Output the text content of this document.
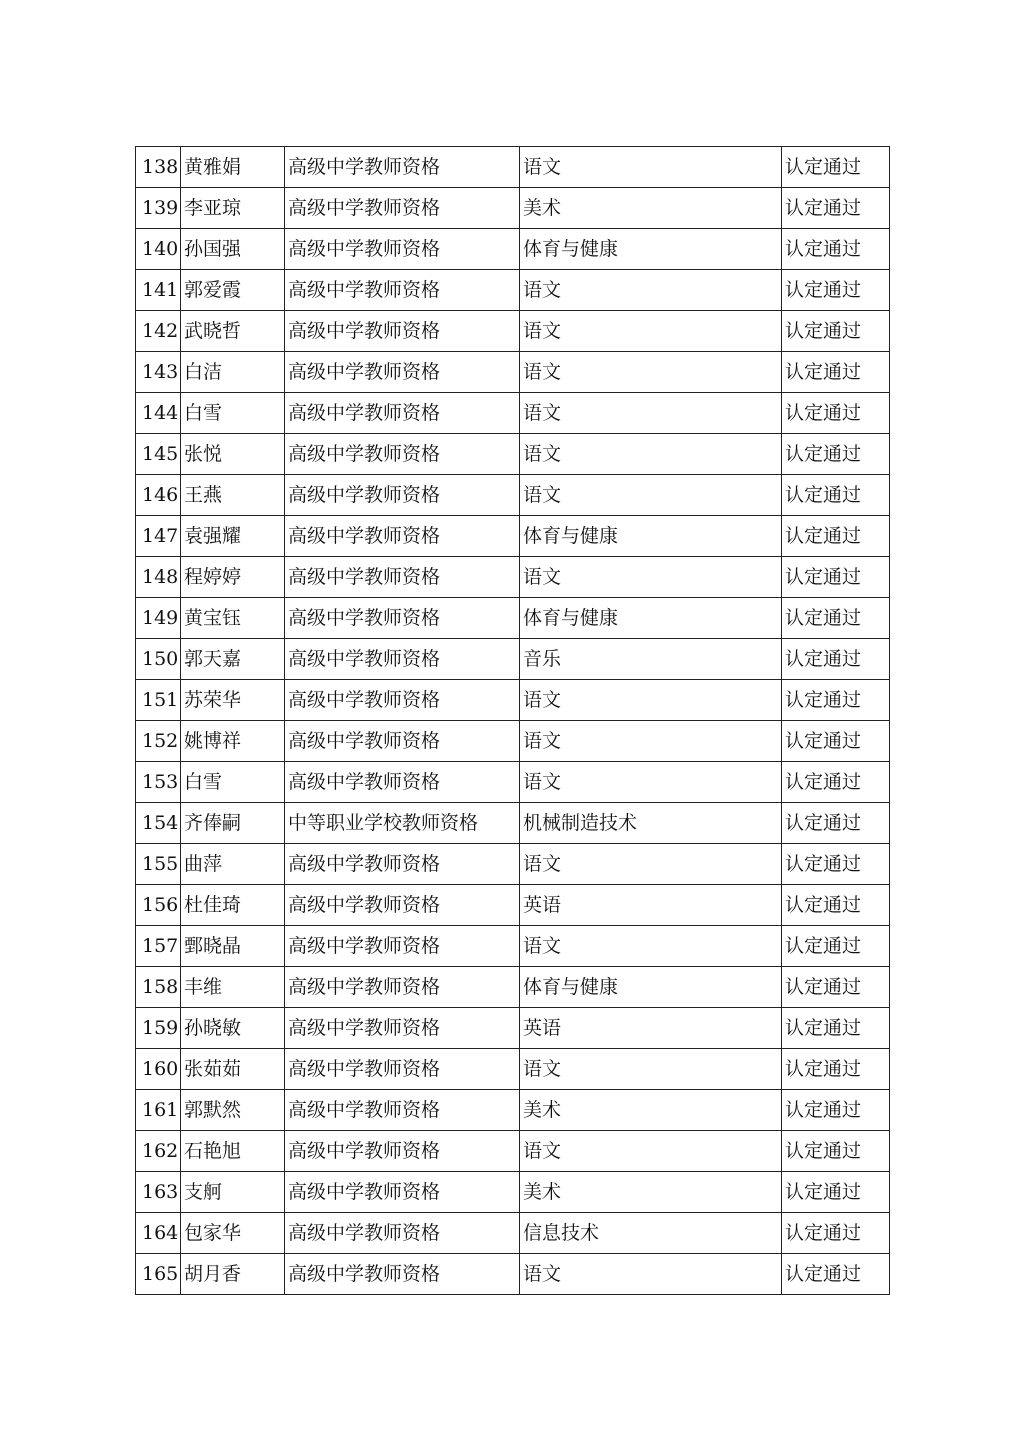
138	黄雅娟	高级中学教师资格	语文	认定通过
139	李亚琼	高级中学教师资格	美术	认定通过
140	孙国强	高级中学教师资格	体育与健康	认定通过
141	郭爱霞	高级中学教师资格	语文	认定通过
142	武晓哲	高级中学教师资格	语文	认定通过
143	白洁	高级中学教师资格	语文	认定通过
144	白雪	高级中学教师资格	语文	认定通过
145	张悦	高级中学教师资格	语文	认定通过
146	王燕	高级中学教师资格	语文	认定通过
147	袁强耀	高级中学教师资格	体育与健康	认定通过
148	程婷婷	高级中学教师资格	语文	认定通过
149	黄宝钰	高级中学教师资格	体育与健康	认定通过
150	郭天嘉	高级中学教师资格	音乐	认定通过
151	苏荣华	高级中学教师资格	语文	认定通过
152	姚博祥	高级中学教师资格	语文	认定通过
153	白雪	高级中学教师资格	语文	认定通过
154	齐俸嗣	中等职业学校教师资格	机械制造技术	认定通过
155	曲萍	高级中学教师资格	语文	认定通过
156	杜佳琦	高级中学教师资格	英语	认定通过
157	鄄晓晶	高级中学教师资格	语文	认定通过
158	丰维	高级中学教师资格	体育与健康	认定通过
159	孙晓敏	高级中学教师资格	英语	认定通过
160	张茹茹	高级中学教师资格	语文	认定通过
161	郭默然	高级中学教师资格	美术	认定通过
162	石艳旭	高级中学教师资格	语文	认定通过
163	支舸	高级中学教师资格	美术	认定通过
164	包家华	高级中学教师资格	信息技术	认定通过
165	胡月香	高级中学教师资格	语文	认定通过
